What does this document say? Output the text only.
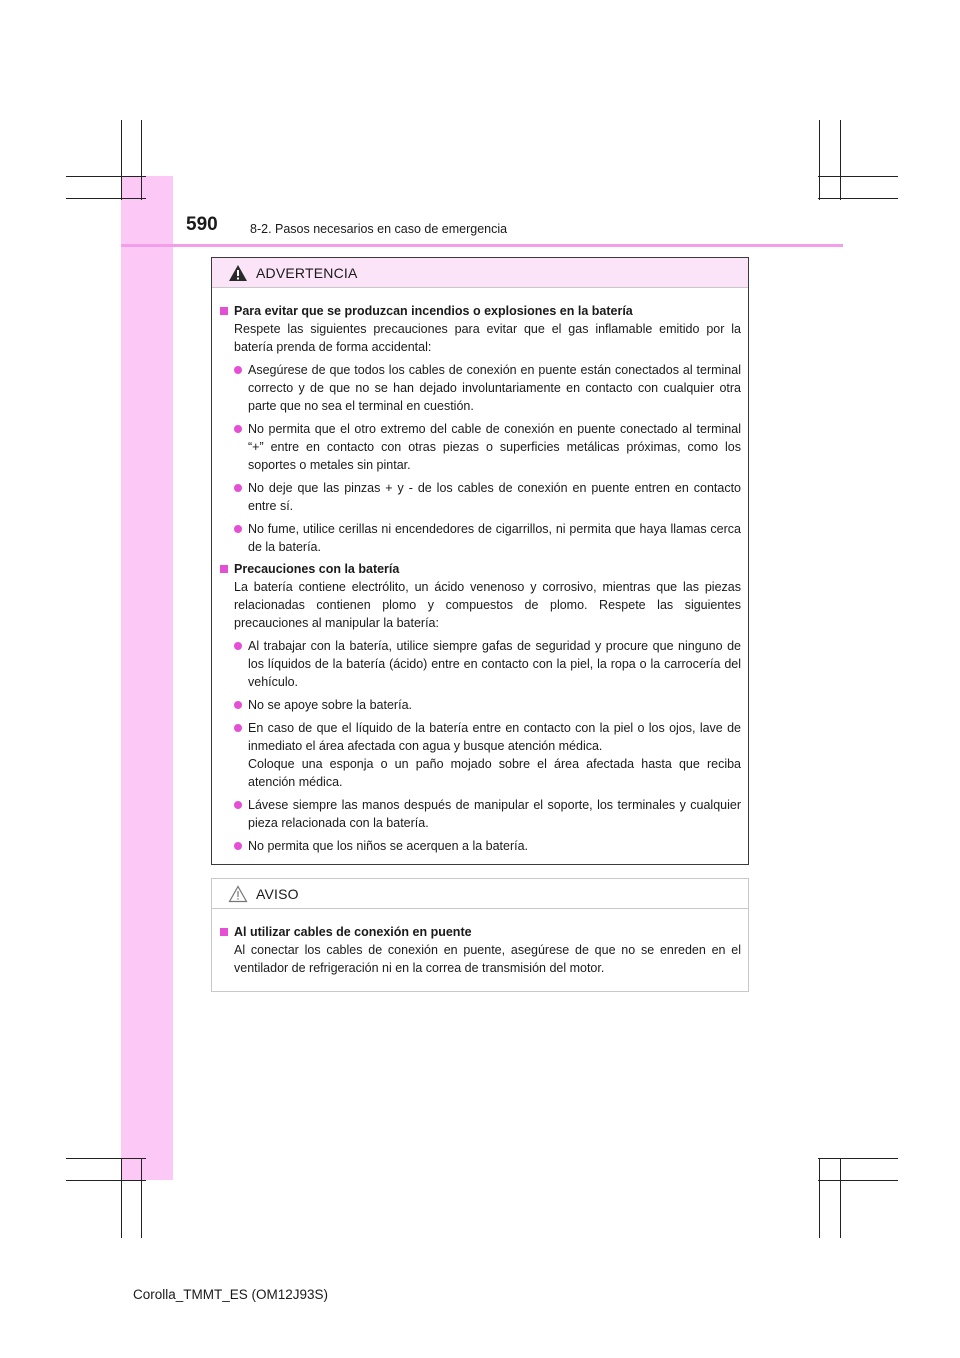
590	8-2. Pasos necesarios en caso de emergencia
ADVERTENCIA
Para evitar que se produzcan incendios o explosiones en la batería
Respete las siguientes precauciones para evitar que el gas inflamable emitido por la batería prenda de forma accidental:
Asegúrese de que todos los cables de conexión en puente están conectados al terminal correcto y de que no se han dejado involuntariamente en contacto con cualquier otra parte que no sea el terminal en cuestión.
No permita que el otro extremo del cable de conexión en puente conectado al terminal “+” entre en contacto con otras piezas o superficies metálicas próximas, como los soportes o metales sin pintar.
No deje que las pinzas + y - de los cables de conexión en puente entren en contacto entre sí.
No fume, utilice cerillas ni encendedores de cigarrillos, ni permita que haya llamas cerca de la batería.
Precauciones con la batería
La batería contiene electrólito, un ácido venenoso y corrosivo, mientras que las piezas relacionadas contienen plomo y compuestos de plomo. Respete las siguientes precauciones al manipular la batería:
Al trabajar con la batería, utilice siempre gafas de seguridad y procure que ninguno de los líquidos de la batería (ácido) entre en contacto con la piel, la ropa o la carrocería del vehículo.
No se apoye sobre la batería.
En caso de que el líquido de la batería entre en contacto con la piel o los ojos, lave de inmediato el área afectada con agua y busque atención médica.
Coloque una esponja o un paño mojado sobre el área afectada hasta que reciba atención médica.
Lávese siempre las manos después de manipular el soporte, los terminales y cualquier pieza relacionada con la batería.
No permita que los niños se acerquen a la batería.
AVISO
Al utilizar cables de conexión en puente
Al conectar los cables de conexión en puente, asegúrese de que no se enreden en el ventilador de refrigeración ni en la correa de transmisión del motor.
Corolla_TMMT_ES (OM12J93S)
